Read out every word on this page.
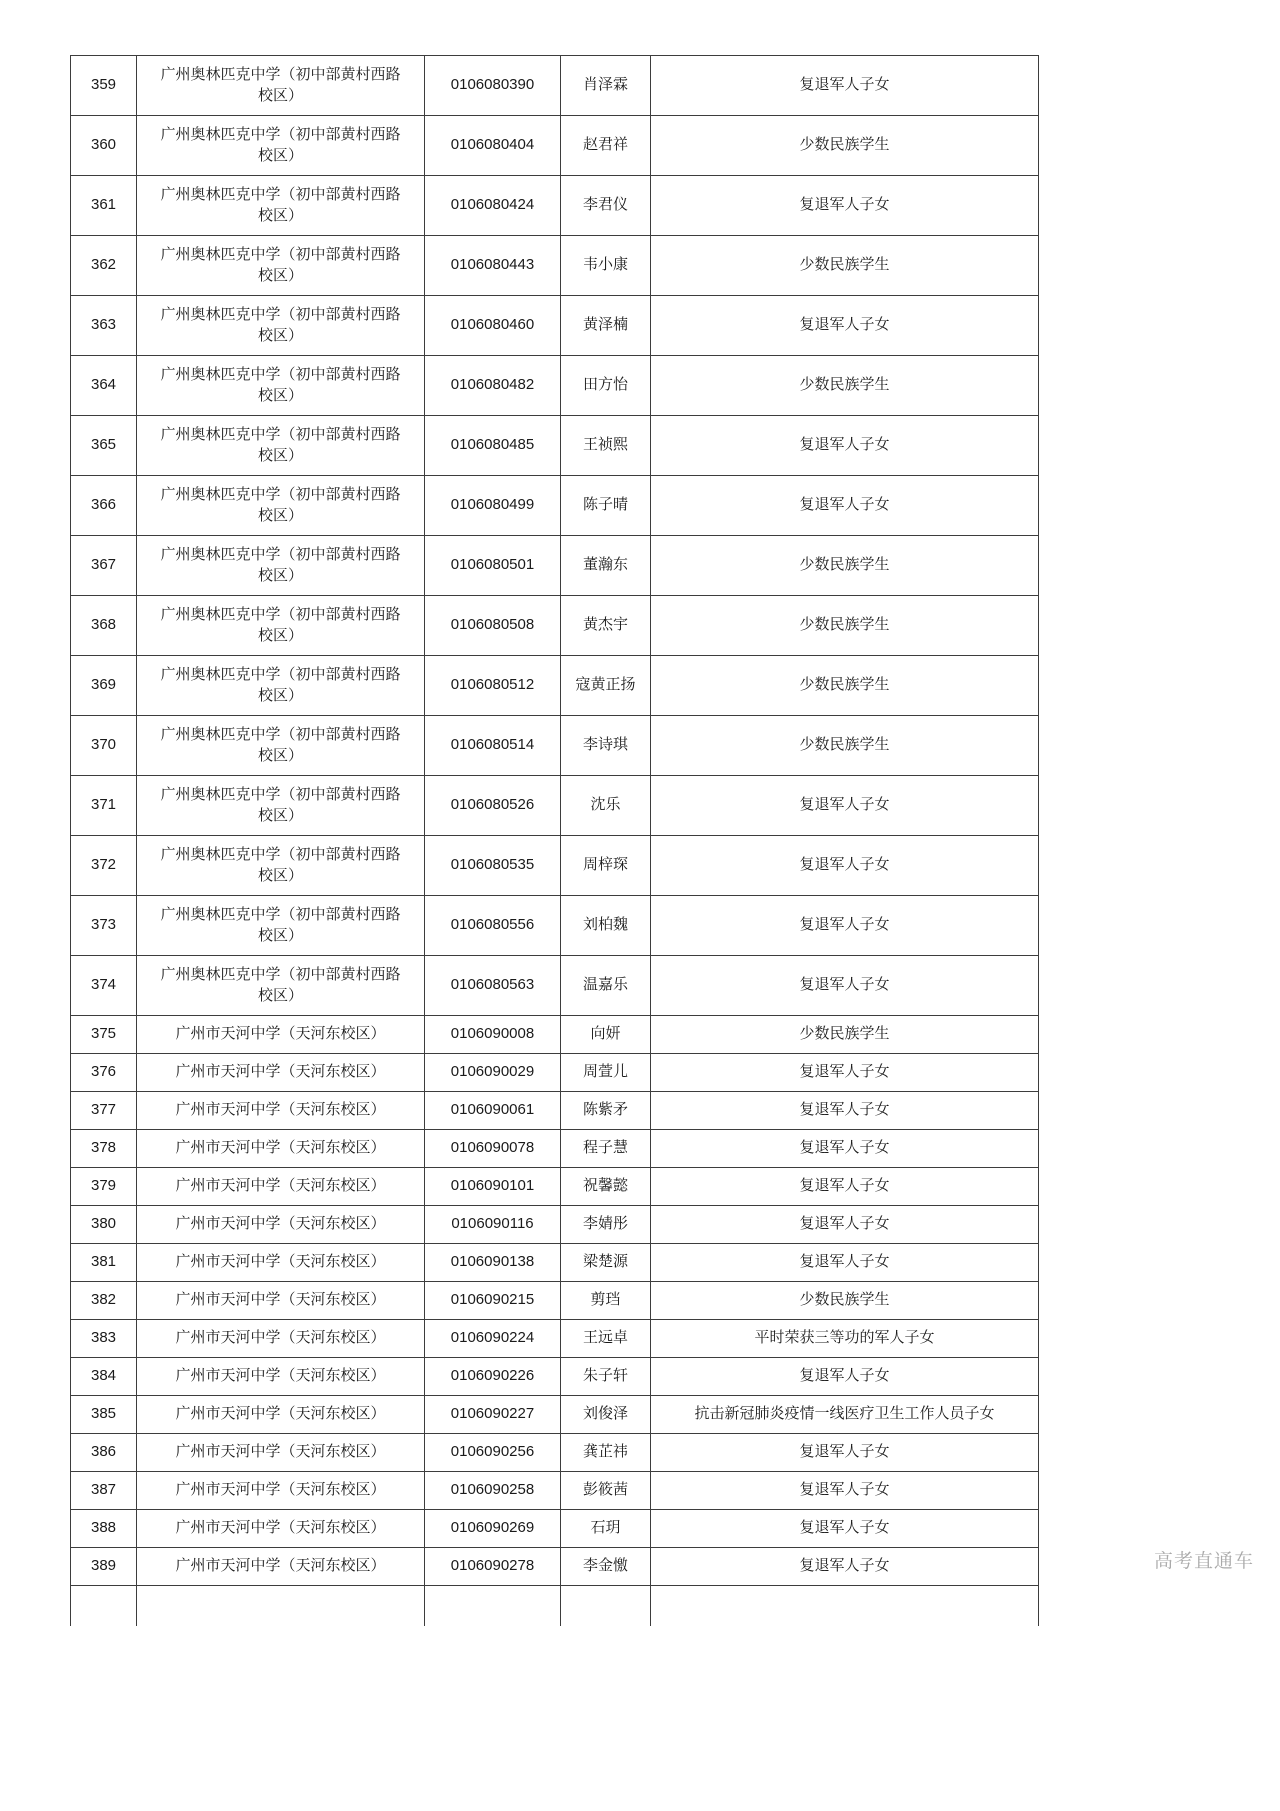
359	广州奥林匹克中学（初中部黄村西路校区）	0106080390	肖泽霖	复退军人子女
360	广州奥林匹克中学（初中部黄村西路校区）	0106080404	赵君祥	少数民族学生
361	广州奥林匹克中学（初中部黄村西路校区）	0106080424	李君仪	复退军人子女
362	广州奥林匹克中学（初中部黄村西路校区）	0106080443	韦小康	少数民族学生
363	广州奥林匹克中学（初中部黄村西路校区）	0106080460	黄泽楠	复退军人子女
364	广州奥林匹克中学（初中部黄村西路校区）	0106080482	田方怡	少数民族学生
365	广州奥林匹克中学（初中部黄村西路校区）	0106080485	王祯熙	复退军人子女
366	广州奥林匹克中学（初中部黄村西路校区）	0106080499	陈子晴	复退军人子女
367	广州奥林匹克中学（初中部黄村西路校区）	0106080501	董瀚东	少数民族学生
368	广州奥林匹克中学（初中部黄村西路校区）	0106080508	黄杰宇	少数民族学生
369	广州奥林匹克中学（初中部黄村西路校区）	0106080512	寇黄正扬	少数民族学生
370	广州奥林匹克中学（初中部黄村西路校区）	0106080514	李诗琪	少数民族学生
371	广州奥林匹克中学（初中部黄村西路校区）	0106080526	沈乐	复退军人子女
372	广州奥林匹克中学（初中部黄村西路校区）	0106080535	周梓琛	复退军人子女
373	广州奥林匹克中学（初中部黄村西路校区）	0106080556	刘柏魏	复退军人子女
374	广州奥林匹克中学（初中部黄村西路校区）	0106080563	温嘉乐	复退军人子女
375	广州市天河中学（天河东校区）	0106090008	向妍	少数民族学生
376	广州市天河中学（天河东校区）	0106090029	周萱儿	复退军人子女
377	广州市天河中学（天河东校区）	0106090061	陈紫矛	复退军人子女
378	广州市天河中学（天河东校区）	0106090078	程子慧	复退军人子女
379	广州市天河中学（天河东校区）	0106090101	祝馨懿	复退军人子女
380	广州市天河中学（天河东校区）	0106090116	李婧彤	复退军人子女
381	广州市天河中学（天河东校区）	0106090138	梁楚源	复退军人子女
382	广州市天河中学（天河东校区）	0106090215	剪珰	少数民族学生
383	广州市天河中学（天河东校区）	0106090224	王远卓	平时荣获三等功的军人子女
384	广州市天河中学（天河东校区）	0106090226	朱子轩	复退军人子女
385	广州市天河中学（天河东校区）	0106090227	刘俊泽	抗击新冠肺炎疫情一线医疗卫生工作人员子女
386	广州市天河中学（天河东校区）	0106090256	龚芷祎	复退军人子女
387	广州市天河中学（天河东校区）	0106090258	彭筱茜	复退军人子女
388	广州市天河中学（天河东校区）	0106090269	石玥	复退军人子女
389	广州市天河中学（天河东校区）	0106090278	李金憿	复退军人子女
					高考直通车
